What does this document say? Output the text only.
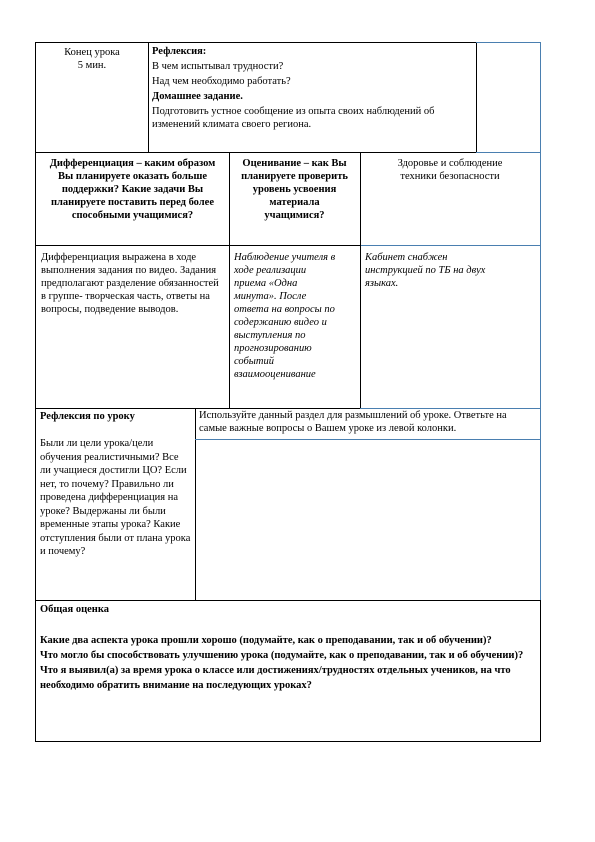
Конец урока
5 мин.
Рефлексия:
В чем испытывал трудности?
Над чем необходимо работать?
Домашнее задание.
Подготовить устное сообщение из опыта своих наблюдений об изменений климата своего региона.
Дифференциация – каким образом Вы планируете оказать больше поддержки? Какие задачи Вы планируете поставить перед более способными учащимися?
Оценивание – как Вы планируете проверить уровень усвоения материала учащимися?
Здоровье и соблюдение техники безопасности
Дифференциация выражена в ходе выполнения задания по видео. Задания предполагают разделение обязанностей в группе- творческая часть, ответы на вопросы, подведение выводов.
Наблюдение учителя в ходе реализации приема «Одна минута». После ответа на вопросы по содержанию видео и выступления по прогнозированию событий взаимооценивание
Кабинет снабжен инструкцией по ТБ на двух языках.
Рефлексия по уроку
Были ли цели урока/цели обучения реалистичными? Все ли учащиеся достигли ЦО? Если нет, то почему? Правильно ли проведена дифференциация на уроке? Выдержаны ли были временные этапы урока? Какие отступления были от плана урока и почему?
Используйте данный раздел для размышлений об уроке. Ответьте на самые важные вопросы о Вашем уроке из левой колонки.
Общая оценка
Какие два аспекта урока прошли хорошо (подумайте, как о преподавании, так и об обучении)?
Что могло бы способствовать улучшению урока (подумайте, как о преподавании, так и об обучении)?
Что я выявил(а) за время урока о классе или достижениях/трудностях отдельных учеников, на что необходимо обратить внимание на последующих уроках?
